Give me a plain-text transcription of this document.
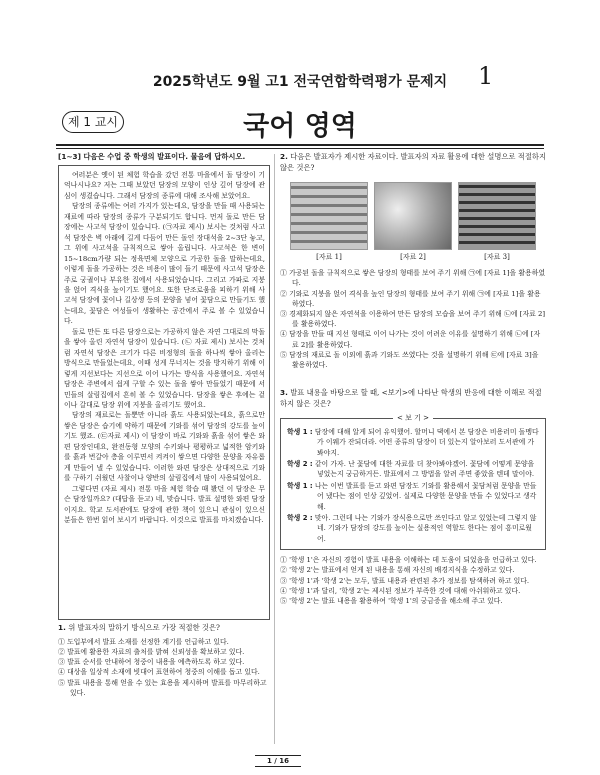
2025학년도 9월 고1 전국연합학력평가 문제지	1
제 1 교시	국어 영역
[1~3] 다음은 수업 중 학생의 발표이다. 물음에 답하시오.

여러분은 옛이 된 체험 학습을 갔던 전통 마을에서 돌 담장이 기억나시나요? 저는 그때 보았던 담장의 모양이 인상 깊어 담장에 관심이 생겼습니다. 그래서 담장의 종류에 대해 조사해 보았어요.

담장의 종류에는 여러 가지가 있는데요, 담장을 만들 때 사용되는 재료에 따라 담장의 종류가 구분되기도 합니다. 먼저 돌로 만든 담장에는 사고석 담장이 있습니다. (㉠자료 제시) 보시는 것처럼 사고석 담장은 벽 아래에 길게 다듬어 만든 돌인 장대석을 2~3단 놓고, 그 위에 사고석을 규칙적으로 쌓아 올립니다. 사고석은 한 변이 15~18cm가량 되는 정육면체 모양으로 가공한 돌을 말하는데요, 이렇게 돌을 가공하는 것은 비용이 많이 들기 때문에 사고석 담장은 주로 궁궐이나 부유한 집에서 사용되었습니다. 그리고 가파로 지붕을 얹어 격식을 높이기도 했어요. 또한 단조로움을 피하기 위해 사고석 담장에 꽃이나 길상생 등의 문양을 넣어 꽃담으로 만들기도 했는데요, 꽃담은 여성들이 생활하는 공간에서 주로 볼 수 있었습니다.

돌로 만든 또 다른 담장으로는 가공하지 않은 자연 그대로의 막돌을 쌓아 올린 자연석 담장이 있습니다. (㉡ 자료 제시) 보시는 것처럼 자연석 담장은 크기가 다른 비정형의 돌을 하나씩 쌓아 올리는 방식으로 만들었는데요, 이때 성게 무너지는 것을 방지하기 위해 이렇게 지선보다는 지선으로 이어 나가는 방식을 사용했어요. 자연석 담장은 주변에서 쉽게 구할 수 있는 돌을 쌓아 만들었기 때문에 서민들의 살림집에서 흔히 볼 수 있었습니다. 담장을 쌓은 후에는 겉이나 갈대로 담장 위에 지붕을 올리기도 했어요.

담장의 재료로는 돌뿐만 아니라 흙도 사용되었는데요, 흙으로만 쌓은 담장은 습기에 약하기 때문에 기와를 섞어 담장의 강도를 높이기도 했죠. (㉢자료 제시) 이 담장이 바로 기와와 흙을 섞어 쌓은 와편 담장인데요, 완전동형 모양의 수키와나 평평하고 넓적한 암키와를 흙과 번갈아 층을 이루면서 켜켜이 쌓으면 다양한 문양을 자유롭게 만들어 낼 수 있었습니다. 이러한 와편 담장은 상대적으로 기와를 구하기 쉬웠던 사찰이나 양반의 살림집에서 많이 사용되었어요.

그렇다면 (자료 제시) 전통 마을 체험 학습 때 봤던 이 담장은 무슨 담장일까요? (대답을 듣고) 네, 맞습니다. 발표 설명한 와편 담장이지요. 학교 도서관에도 담장에 관한 책이 있으니 관심이 있으신 분들은 한번 읽어 보시기 바랍니다. 이것으로 발표를 마치겠습니다.

1. 위 발표자의 말하기 방식으로 가장 적절한 것은?
① 도입부에서 발표 소재를 선정한 계기를 언급하고 있다.
② 발표에 활용한 자료의 출처를 밝혀 신뢰성을 확보하고 있다.
③ 발표 순서를 안내하여 청중이 내용을 예측하도록 하고 있다.
④ 대상을 일상적 소재에 빗대어 표현하여 청중의 이해를 돕고 있다.
⑤ 발표 내용을 통해 얻을 수 있는 효용을 제시하며 발표를 마무리하고 있다.
2. 다음은 발표자가 제시한 자료이다. 발표자의 자료 활용에 대한 설명으로 적절하지 않은 것은?
[자료 1]	[자료 2]	[자료 3]
① 가공된 돌을 규칙적으로 쌓은 담장의 형태를 보여 주기 위해 ㉠에 [자료 1]을 활용하였다.
② 기와로 지붕을 얹어 격식을 높인 담장의 형태를 보여 주기 위해 ㉠에 [자료 1]을 활용하였다.
③ 경제화되지 않은 자연석을 이용하여 만든 담장의 모습을 보여 주기 위해 ㉡에 [자료 2]를 활용하였다.
④ 담장을 만들 때 지선 형태로 이어 나가는 것이 어려운 이유를 설명하기 위해 ㉡에 [자료 2]를 활용하였다.
⑤ 담장의 재료로 돌 이외에 흙과 기와도 쓰였다는 것을 설명하기 위해 ㉢에 [자료 3]을 활용하였다.
3. 발표 내용을 바탕으로 할 때, <보기>에 나타난 학생의 반응에 대한 이해로 적절하지 않은 것은?
< 보 기 >

학생 1 : 담장에 대해 알게 되어 유익했어. 할머니 댁에서 본 담장은 비용러미 돌멩다가 이웨가 잔되더라. 어떤 종류의 담장이 더 있는지 알아보러 도서관에 가 봐야지.

학생 2 : 같이 가자. 난 꽃담에 대한 자료를 더 찾아봐야겠어. 꽃담에 어떻게 문양을 넣었는지 궁금하거든. 발표에서 그 방법을 알려 주면 좋았을 텐데 말이야.

학생 1 : 나는 이번 발표를 듣고 와편 담장도 기와를 활용해서 꽃담처럼 문양을 만들어 냈다는 점이 인상 깊었어. 실제로 다양한 문양을 만들 수 있었다고 생각해.

학생 2 : 맞아. 그런데 나는 기와가 장식용으로만 쓰인다고 알고 있었는데 그렇지 않네. 기와가 담장의 강도를 높이는 실용적인 역할도 한다는 점이 흥미로웠어.

① '학생 1'은 자신의 경험이 발표 내용을 이해하는 데 도움이 되었음을 언급하고 있다.
② '학생 2'는 발표에서 얻게 된 내용을 통해 자신의 배경지식을 수정하고 있다.
③ '학생 1'과 '학생 2'는 모두, 발표 내용과 관련된 추가 정보를 탐색하려 하고 있다.
④ '학생 1'과 달리, '학생 2'는 제시된 정보가 부족한 것에 대해 아쉬워하고 있다.
⑤ '학생 2'는 발표 내용을 활용하여 '학생 1'의 궁금증을 해소해 주고 있다.
1 / 16
